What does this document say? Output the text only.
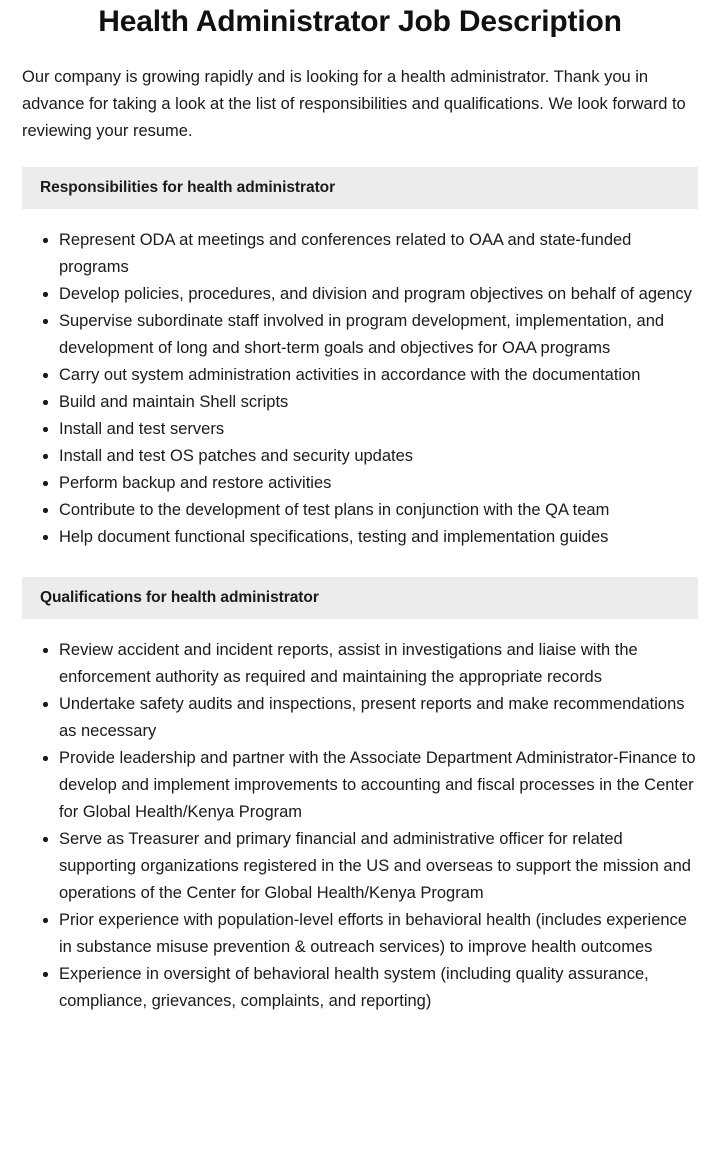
Health Administrator Job Description

Our company is growing rapidly and is looking for a health administrator. Thank you in advance for taking a look at the list of responsibilities and qualifications. We look forward to reviewing your resume.

Responsibilities for health administrator
Represent ODA at meetings and conferences related to OAA and state-funded programs
Develop policies, procedures, and division and program objectives on behalf of agency
Supervise subordinate staff involved in program development, implementation, and development of long and short-term goals and objectives for OAA programs
Carry out system administration activities in accordance with the documentation
Build and maintain Shell scripts
Install and test servers
Install and test OS patches and security updates
Perform backup and restore activities
Contribute to the development of test plans in conjunction with the QA team
Help document functional specifications, testing and implementation guides
Qualifications for health administrator
Review accident and incident reports, assist in investigations and liaise with the enforcement authority as required and maintaining the appropriate records
Undertake safety audits and inspections, present reports and make recommendations as necessary
Provide leadership and partner with the Associate Department Administrator-Finance to develop and implement improvements to accounting and fiscal processes in the Center for Global Health/Kenya Program
Serve as Treasurer and primary financial and administrative officer for related supporting organizations registered in the US and overseas to support the mission and operations of the Center for Global Health/Kenya Program
Prior experience with population-level efforts in behavioral health (includes experience in substance misuse prevention & outreach services) to improve health outcomes
Experience in oversight of behavioral health system (including quality assurance, compliance, grievances, complaints, and reporting)
